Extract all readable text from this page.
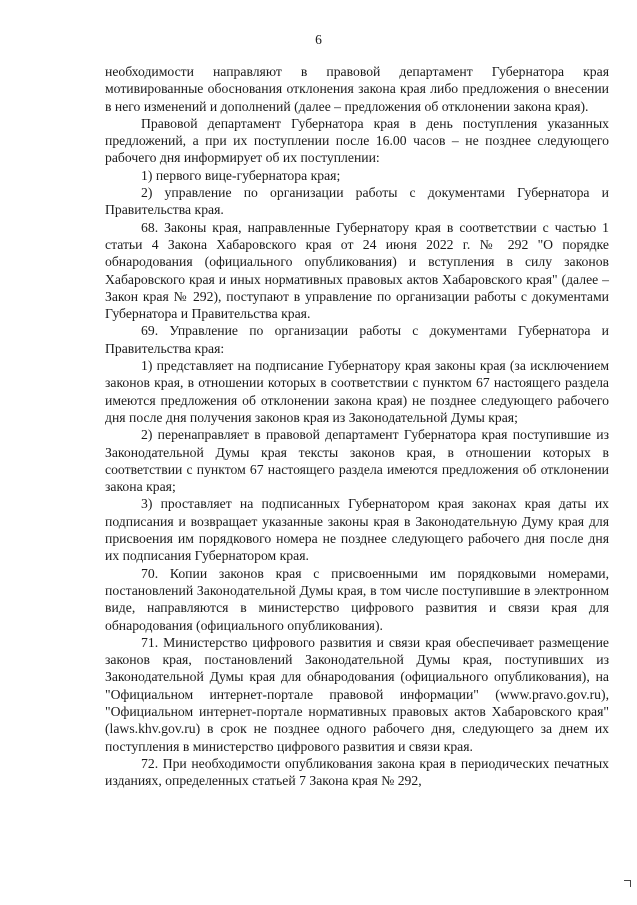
6

необходимости направляют в правовой департамент Губернатора края мотивированные обоснования отклонения закона края либо предложения о внесении в него изменений и дополнений (далее – предложения об отклонении закона края).

Правовой департамент Губернатора края в день поступления указанных предложений, а при их поступлении после 16.00 часов – не позднее следующего рабочего дня информирует об их поступлении:

1) первого вице-губернатора края;

2) управление по организации работы с документами Губернатора и Правительства края.

68. Законы края, направленные Губернатору края в соответствии с частью 1 статьи 4 Закона Хабаровского края от 24 июня 2022 г. № 292 "О порядке обнародования (официального опубликования) и вступления в силу законов Хабаровского края и иных нормативных правовых актов Хабаровского края" (далее – Закон края № 292), поступают в управление по организации работы с документами Губернатора и Правительства края.

69. Управление по организации работы с документами Губернатора и Правительства края:

1) представляет на подписание Губернатору края законы края (за исключением законов края, в отношении которых в соответствии с пунктом 67 настоящего раздела имеются предложения об отклонении закона края) не позднее следующего рабочего дня после дня получения законов края из Законодательной Думы края;

2) перенаправляет в правовой департамент Губернатора края поступившие из Законодательной Думы края тексты законов края, в отношении которых в соответствии с пунктом 67 настоящего раздела имеются предложения об отклонении закона края;

3) проставляет на подписанных Губернатором края законах края даты их подписания и возвращает указанные законы края в Законодательную Думу края для присвоения им порядкового номера не позднее следующего рабочего дня после дня их подписания Губернатором края.

70. Копии законов края с присвоенными им порядковыми номерами, постановлений Законодательной Думы края, в том числе поступившие в электронном виде, направляются в министерство цифрового развития и связи края для обнародования (официального опубликования).

71. Министерство цифрового развития и связи края обеспечивает размещение законов края, постановлений Законодательной Думы края, поступивших из Законодательной Думы края для обнародования (официального опубликования), на "Официальном интернет-портале правовой информации" (www.pravo.gov.ru), "Официальном интернет-портале нормативных правовых актов Хабаровского края" (laws.khv.gov.ru) в срок не позднее одного рабочего дня, следующего за днем их поступления в министерство цифрового развития и связи края.

72. При необходимости опубликования закона края в периодических печатных изданиях, определенных статьей 7 Закона края № 292,
